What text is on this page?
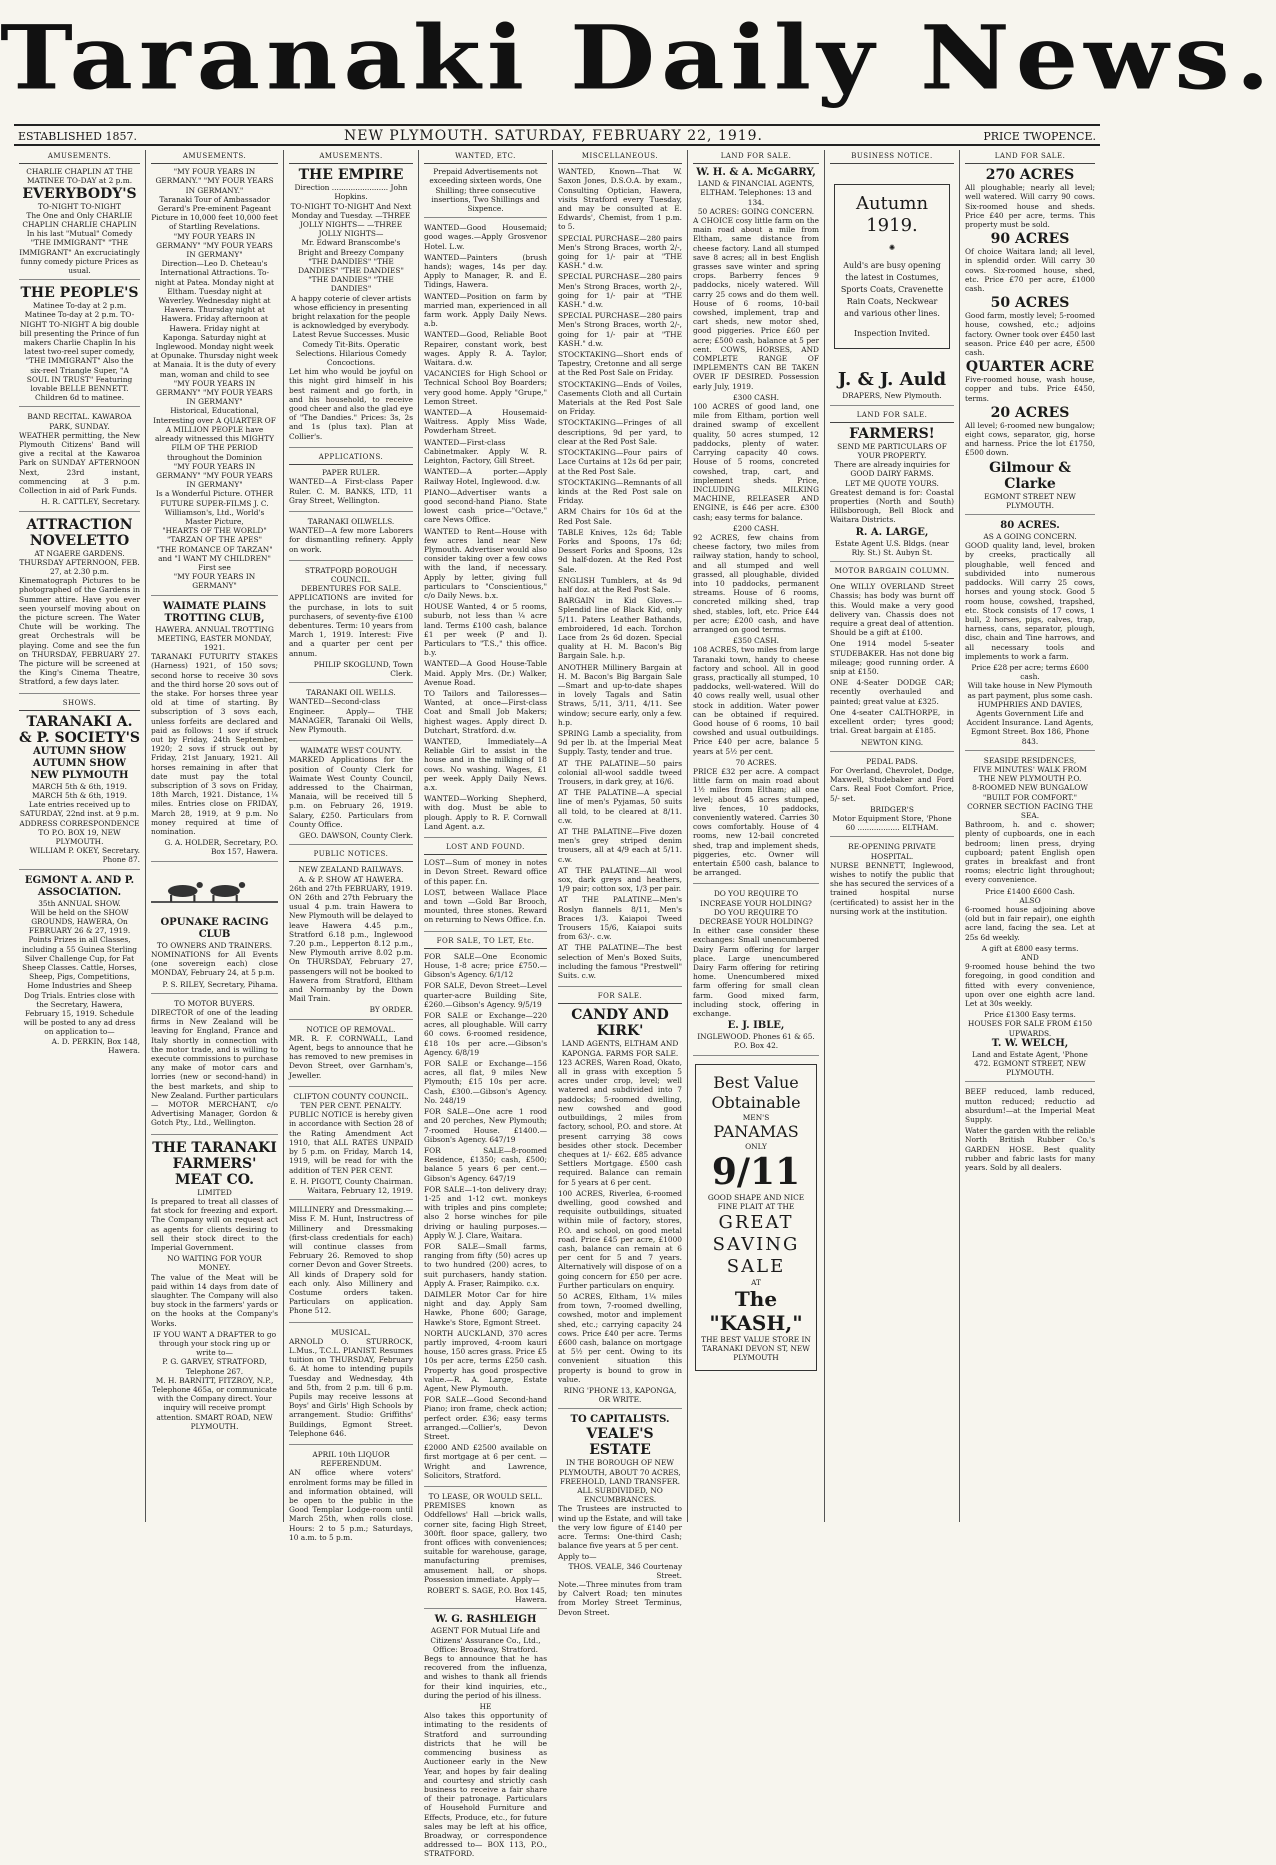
Taranaki Daily News.
ESTABLISHED 1857.	NEW PLYMOUTH. SATURDAY, FEBRUARY 22, 1919.	PRICE TWOPENCE.
AMUSEMENTS.
CHARLIE CHAPLIN AT THE MATINEE TO-DAY at 2 p.m.
EVERYBODY'S
TO-NIGHT TO-NIGHT
The One and Only CHARLIE CHAPLIN CHARLIE CHAPLIN In his last "Mutual" Comedy "THE IMMIGRANT" "THE IMMIGRANT" An excruciatingly funny comedy picture Prices as usual.
THE PEOPLE'S
Matinee To-day at 2 p.m. Matinee To-day at 2 p.m. TO-NIGHT TO-NIGHT A big double bill presenting the Prince of fun makers Charlie Chaplin In his latest two-reel super comedy, "THE IMMIGRANT" Also the six-reel Triangle Super, "A SOUL IN TRUST" Featuring lovable BELLE BENNETT. Children 6d to matinee.
BAND RECITAL. KAWAROA PARK, SUNDAY.

WEATHER permitting, the New Plymouth Citizens' Band will give a recital at the Kawaroa Park on SUNDAY AFTERNOON Next, 23rd instant, commencing at 3 p.m. Collection in aid of Park Funds.

H. R. CATTLEY, Secretary.
ATTRACTION NOVELETTO
AT NGAERE GARDENS. THURSDAY AFTERNOON, FEB. 27, at 2.30 p.m.

Kinematograph Pictures to be photographed of the Gardens in Summer attire. Have you ever seen yourself moving about on the picture screen. The Water Chute will be working. The great Orchestrals will be playing. Come and see the fun on THURSDAY, FEBRUARY 27. The picture will be screened at the King's Cinema Theatre, Stratford, a few days later.

SHOWS.
TARANAKI A. & P. SOCIETY'S
AUTUMN SHOW AUTUMN SHOW
NEW PLYMOUTH
MARCH 5th & 6th, 1919. MARCH 5th & 6th, 1919.
Late entries received up to SATURDAY, 22nd inst. at 9 p.m.
ADDRESS CORRESPONDENCE TO P.O. BOX 19, NEW PLYMOUTH.
WILLIAM P. OKEY, Secretary. Phone 87.
EGMONT A. AND P. ASSOCIATION.
35th ANNUAL SHOW.
Will be held on the SHOW GROUNDS, HAWERA, On FEBRUARY 26 & 27, 1919. Points Prizes in all Classes, including a 55 Guinea Sterling Silver Challenge Cup, for Fat Sheep Classes. Cattle, Horses, Sheep, Pigs, Competitions, Home Industries and Sheep Dog Trials. Entries close with the Secretary, Hawera, February 15, 1919. Schedule will be posted to any ad dress on application to—
A. D. PERKIN, Box 148, Hawera.
AMUSEMENTS.
"MY FOUR YEARS IN GERMANY." "MY FOUR YEARS IN GERMANY."
Taranaki Tour of Ambassador Gerard's Pre-eminent Pageant Picture in 10,000 feet 10,000 feet of Startling Revelations.
"MY FOUR YEARS IN GERMANY" "MY FOUR YEARS IN GERMANY"
Direction—Leo D. Cheteau's International Attractions. To-night at Patea. Monday night at Eltham. Tuesday night at Waverley. Wednesday night at Hawera. Thursday night at Hawera. Friday afternoon at Hawera. Friday night at Kaponga. Saturday night at Inglewood. Monday night week at Opunake. Thursday night week at Manaia. It is the duty of every man, woman and child to see
"MY FOUR YEARS IN GERMANY" "MY FOUR YEARS IN GERMANY"
Historical, Educational, Interesting over A QUARTER OF A MILLION PEOPLE have already witnessed this MIGHTY FILM OF THE PERIOD throughout the Dominion
"MY FOUR YEARS IN GERMANY" "MY FOUR YEARS IN GERMANY"
Is a Wonderful Picture. OTHER FUTURE SUPER-FILMS J. C. Williamson's, Ltd., World's Master Picture,
"HEARTS OF THE WORLD"
"TARZAN OF THE APES"
"THE ROMANCE OF TARZAN"
and "I WANT MY CHILDREN" First see
"MY FOUR YEARS IN GERMANY"
WAIMATE PLAINS TROTTING CLUB,
HAWERA. ANNUAL TROTTING MEETING, EASTER MONDAY, 1921.

TARANAKI FUTURITY STAKES (Harness) 1921, of 150 sovs; second horse to receive 30 sovs and the third horse 20 sovs out of the stake. For horses three year old at time of starting. By subscription of 3 sovs each, unless forfeits are declared and paid as follows: 1 sov if struck out by Friday, 24th September, 1920; 2 sovs if struck out by Friday, 21st January, 1921. All horses remaining in after that date must pay the total subscription of 3 sovs on Friday, 18th March, 1921. Distance, 1¼ miles. Entries close on FRIDAY, March 28, 1919, at 9 p.m. No money required at time of nomination.

G. A. HOLDER, Secretary, P.O. Box 157, Hawera.
OPUNAKE RACING CLUB
TO OWNERS AND TRAINERS.

NOMINATIONS for All Events (one sovereign each) close MONDAY, February 24, at 5 p.m.

P. S. RILEY, Secretary, Pihama.
TO MOTOR BUYERS.

DIRECTOR of one of the leading firms in New Zealand will be leaving for England, France and Italy shortly in connection with the motor trade, and is willing to execute commissions to purchase any make of motor cars and lorries (new or second-hand) in the best markets, and ship to New Zealand. Further particulars— MOTOR MERCHANT, c/o Advertising Manager, Gordon & Gotch Pty., Ltd., Wellington.

THE TARANAKI FARMERS' MEAT CO.
LIMITED

Is prepared to treat all classes of fat stock for freezing and export. The Company will on request act as agents for clients desiring to sell their stock direct to the Imperial Government.

NO WAITING FOR YOUR MONEY.

The value of the Meat will be paid within 14 days from date of slaughter. The Company will also buy stock in the farmers' yards or on the hooks at the Company's Works.

IF YOU WANT A DRAFTER to go through your stock ring up or write to—
P. G. GARVEY, STRATFORD, Telephone 267.
M. H. BARNITT, FITZROY, N.P., Telephone 465a, or communicate with the Company direct. Your inquiry will receive prompt attention. SMART ROAD, NEW PLYMOUTH.
AMUSEMENTS.
THE EMPIRE
Direction ........................ John Hopkins.
TO-NIGHT TO-NIGHT And Next Monday and Tuesday. —THREE JOLLY NIGHTS— —THREE JOLLY NIGHTS—
Mr. Edward Branscombe's Bright and Breezy Company
"THE DANDIES" "THE DANDIES" "THE DANDIES" "THE DANDIES" "THE DANDIES"
A happy coterie of clever artists whose efficiency in presenting bright relaxation for the people is acknowledged by everybody.
Latest Revue Successes. Music Comedy Tit-Bits. Operatic Selections. Hilarious Comedy Concoctions.

Let him who would be joyful on this night gird himself in his best raiment and go forth, in and his household, to receive good cheer and also the glad eye of "The Dandies." Prices: 3s, 2s and 1s (plus tax). Plan at Collier's.

APPLICATIONS.
PAPER RULER.

WANTED—A First-class Paper Ruler. C. M. BANKS, LTD, 11 Gray Street, Wellington.

TARANAKI OILWELLS.

WANTED—A few more Laborers for dismantling refinery. Apply on work.

STRATFORD BOROUGH COUNCIL.
DEBENTURES FOR SALE.

APPLICATIONS are invited for the purchase, in lots to suit purchasers, of seventy-five £100 debentures. Term: 10 years from March 1, 1919. Interest: Five and a quarter per cent per annum.

PHILIP SKOGLUND, Town Clerk.
TARANAKI OIL WELLS.

WANTED—Second-class Engineer. Apply— THE MANAGER, Taranaki Oil Wells, New Plymouth.

WAIMATE WEST COUNTY.

MARKED Applications for the position of County Clerk for Waimate West County Council, addressed to the Chairman, Manaia, will be received till 5 p.m. on February 26, 1919. Salary, £250. Particulars from County Office.

GEO. DAWSON, County Clerk.
PUBLIC NOTICES.
NEW ZEALAND RAILWAYS.
A. & P. SHOW AT HAWERA. 26th and 27th FEBRUARY, 1919.

ON 26th and 27th February the usual 4 p.m. train Hawera to New Plymouth will be delayed to leave Hawera 4.45 p.m., Stratford 6.18 p.m., Inglewood 7.20 p.m., Lepperton 8.12 p.m., New Plymouth arrive 8.02 p.m. On THURSDAY, February 27, passengers will not be booked to Hawera from Stratford, Eltham and Normanby by the Down Mail Train.

BY ORDER.
NOTICE OF REMOVAL.

MR. R. F. CORNWALL, Land Agent, begs to announce that he has removed to new premises in Devon Street, over Garnham's, Jeweller.

CLIFTON COUNTY COUNCIL.
TEN PER CENT. PENALTY.

PUBLIC NOTICE is hereby given in accordance with Section 28 of the Rating Amendment Act 1910, that ALL RATES UNPAID by 5 p.m. on Friday, March 14, 1919, will be read for with the addition of TEN PER CENT.

E. H. PIGOTT, County Chairman. Waitara, February 12, 1919.

MILLINERY and Dressmaking.—Miss F. M. Hunt, Instructress of Millinery and Dressmaking (first-class credentials for each) will continue classes from February 26. Removed to shop corner Devon and Gover Streets. All kinds of Drapery sold for each only. Also Millinery and Costume orders taken. Particulars on application. Phone 512.

MUSICAL.

ARNOLD O. STURROCK, L.Mus., T.C.L. PIANIST. Resumes tuition on THURSDAY, February 6. At home to intending pupils Tuesday and Wednesday, 4th and 5th, from 2 p.m. till 6 p.m. Pupils may receive lessons at Boys' and Girls' High Schools by arrangement. Studio: Griffiths' Buildings, Egmont Street. Telephone 646.

APRIL 10th LIQUOR REFERENDUM.

AN office where voters' enrolment forms may be filled in and information obtained, will be open to the public in the Good Templar Lodge-room until March 25th, when rolls close. Hours: 2 to 5 p.m.; Saturdays, 10 a.m. to 5 p.m.

WANTED, ETC.
Prepaid Advertisements not exceeding sixteen words, One Shilling; three consecutive insertions, Two Shillings and Sixpence.

WANTED—Good Housemaid; good wages.—Apply Grosvenor Hotel. L.w.

WANTED—Painters (brush hands); wages, 14s per day. Apply to Manager, R. and E. Tidings, Hawera.

WANTED—Position on farm by married man, experienced in all farm work. Apply Daily News. a.b.

WANTED—Good, Reliable Boot Repairer, constant work, best wages. Apply R. A. Taylor, Waitara. d.w.

VACANCIES for High School or Technical School Boy Boarders; very good home. Apply "Grupe," Lemon Street.

WANTED—A Housemaid-Waitress. Apply Miss Wade, Powderham Street.

WANTED—First-class Cabinetmaker. Apply W. R. Leighton, Factory, Gill Street.

WANTED—A porter.—Apply Railway Hotel, Inglewood. d.w.

PIANO—Advertiser wants a good second-hand Piano. State lowest cash price—"Octave," care News Office.

WANTED to Rent—House with few acres land near New Plymouth. Advertiser would also consider taking over a few cows with the land, if necessary. Apply by letter, giving full particulars to "Conscientious," c/o Daily News. b.x.

HOUSE Wanted, 4 or 5 rooms, suburb, not less than ¼ acre land. Terms £100 cash, balance £1 per week (P and I). Particulars to "T.S.," this office. b.y.

WANTED—A Good House-Table Maid. Apply Mrs. (Dr.) Walker, Avenue Road.

TO Tailors and Tailoresses—Wanted, at once—First-class Coat and Small Job Makers; highest wages. Apply direct D. Dutchart, Stratford. d.w.

WANTED, Immediately—A Reliable Girl to assist in the house and in the milking of 18 cows. No washing. Wages, £1 per week. Apply Daily News. a.x.

WANTED—Working Shepherd, with dog. Must be able to plough. Apply to R. F. Cornwall Land Agent. a.z.

LOST AND FOUND.

LOST—Sum of money in notes in Devon Street. Reward office of this paper. f.n.

LOST, between Wallace Place and town —Gold Bar Brooch, mounted, three stones. Reward on returning to News Office. f.n.

FOR SALE, TO LET, Etc.

FOR SALE—One Economic House, 1-8 acre; price £750.—Gibson's Agency. 6/1/12

FOR SALE, Devon Street—Level quarter-acre Building Site, £260.—Gibson's Agency. 9/5/19

FOR SALE or Exchange—220 acres, all ploughable. Will carry 60 cows. 6-roomed residence, £18 10s per acre.—Gibson's Agency. 6/8/19

FOR SALE or Exchange—156 acres, all flat, 9 miles New Plymouth; £15 10s per acre. Cash, £300.—Gibson's Agency. No. 248/19

FOR SALE—One acre 1 rood and 20 perches, New Plymouth; 7-roomed House. £1400.—Gibson's Agency. 647/19

FOR SALE—8-roomed Residence, £1350; cash, £500; balance 5 years 6 per cent.—Gibson's Agency. 647/19

FOR SALE—1-ton delivery dray; 1-25 and 1-12 cwt. monkeys with triples and pins complete; also 2 horse winches for pile driving or hauling purposes.—Apply W. J. Clare, Waitara.

FOR SALE—Small farms, ranging from fifty (50) acres up to two hundred (200) acres, to suit purchasers, handy station. Apply A. Fraser, Raimpiko. c.x.

DAIMLER Motor Car for hire night and day. Apply Sam Hawke, Phone 600; Garage, Hawke's Store, Egmont Street.

NORTH AUCKLAND, 370 acres partly improved, 4-room kauri house, 150 acres grass. Price £5 10s per acre, terms £250 cash. Property has good prospective value.—R. A. Large, Estate Agent, New Plymouth.

FOR SALE—Good Second-hand Piano; iron frame, check action; perfect order. £36; easy terms arranged.—Collier's, Devon Street.

£2000 AND £2500 available on first mortgage at 6 per cent. —Wright and Lawrence, Solicitors, Stratford.

TO LEASE, OR WOULD SELL.

PREMISES known as Oddfellows' Hall —brick walls, corner site, facing High Street, 300ft. floor space, gallery, two front offices with conveniences; suitable for warehouse, garage, manufacturing premises, amusement hall, or shops. Possession immediate. Apply—

ROBERT S. SAGE, P.O. Box 145, Hawera.
W. G. RASHLEIGH
AGENT FOR Mutual Life and Citizens' Assurance Co., Ltd., Office: Broadway, Stratford.

Begs to announce that he has recovered from the influenza, and wishes to thank all friends for their kind inquiries, etc., during the period of his illness.

HE

Also takes this opportunity of intimating to the residents of Stratford and surrounding districts that he will be commencing business as Auctioneer early in the New Year, and hopes by fair dealing and courtesy and strictly cash business to receive a fair share of their patronage. Particulars of Household Furniture and Effects, Produce, etc., for future sales may be left at his office, Broadway, or correspondence addressed to— BOX 113, P.O., STRATFORD.

MISCELLANEOUS.

WANTED, Known—That W. Saxon Jones, D.S.O.A. by exam., Consulting Optician, Hawera, visits Stratford every Tuesday, and may be consulted at E. Edwards', Chemist, from 1 p.m. to 5.

SPECIAL PURCHASE—280 pairs Men's Strong Braces, worth 2/-, going for 1/- pair at "THE KASH." d.w.

SPECIAL PURCHASE—280 pairs Men's Strong Braces, worth 2/-, going for 1/- pair at "THE KASH." d.w.

SPECIAL PURCHASE—280 pairs Men's Strong Braces, worth 2/-, going for 1/- pair at "THE KASH." d.w.

STOCKTAKING—Short ends of Tapestry, Cretonne and all serge at the Red Post Sale on Friday.

STOCKTAKING—Ends of Voiles, Casements Cloth and all Curtain Materials at the Red Post Sale on Friday.

STOCKTAKING—Fringes of all descriptions, 9d per yard, to clear at the Red Post Sale.

STOCKTAKING—Four pairs of Lace Curtains at 12s 6d per pair, at the Red Post Sale.

STOCKTAKING—Remnants of all kinds at the Red Post sale on Friday.

ARM Chairs for 10s 6d at the Red Post Sale.

TABLE Knives, 12s 6d; Table Forks and Spoons, 17s 6d; Dessert Forks and Spoons, 12s 9d half-dozen. At the Red Post Sale.

ENGLISH Tumblers, at 4s 9d half doz. at the Red Post Sale.

BARGAIN in Kid Gloves.—Splendid line of Black Kid, only 5/11. Paters Leather Bathands, embroidered, 1d each. Torchon Lace from 2s 6d dozen. Special quality at H. M. Bacon's Big Bargain Sale. h.p.

ANOTHER Millinery Bargain at H. M. Bacon's Big Bargain Sale—Smart and up-to-date shapes in lovely Tagals and Satin Straws, 5/11, 3/11, 4/11. See window; secure early, only a few. h.p.

SPRING Lamb a speciality, from 9d per lb. at the Imperial Meat Supply. Tasty, tender and true.

AT THE PALATINE—50 pairs colonial all-wool saddle tweed Trousers, in dark grey, at 16/6.

AT THE PALATINE—A special line of men's Pyjamas, 50 suits all told, to be cleared at 8/11. c.w.

AT THE PALATINE—Five dozen men's grey striped denim trousers, all at 4/9 each at 5/11. c.w.

AT THE PALATINE—All wool sox, dark greys and heathers, 1/9 pair; cotton sox, 1/3 per pair.

AT THE PALATINE—Men's Roslyn flannels 8/11, Men's Braces 1/3. Kaiapoi Tweed Trousers 15/6, Kaiapoi suits from 63/-. c.w.

AT THE PALATINE—The best selection of Men's Boxed Suits, including the famous "Prestwell" Suits. c.w.

FOR SALE.
CANDY AND KIRK'
LAND AGENTS, ELTHAM AND KAPONGA. FARMS FOR SALE.

123 ACRES, Waren Road, Okato, all in grass with exception 5 acres under crop, level; well watered and subdivided into 7 paddocks; 5-roomed dwelling, new cowshed and good outbuildings, 2 miles from factory, school, P.O. and store. At present carrying 38 cows besides other stock. December cheques at 1/- £62. £85 advance Settlers Mortgage. £500 cash required. Balance can remain for 5 years at 6 per cent.

100 ACRES, Riverlea, 6-roomed dwelling, good cowshed and requisite outbuildings, situated within mile of factory, stores, P.O. and school, on good metal road. Price £45 per acre, £1000 cash, balance can remain at 6 per cent for 5 and 7 years. Alternatively will dispose of on a going concern for £50 per acre. Further particulars on enquiry.

50 ACRES, Eltham, 1¼ miles from town, 7-roomed dwelling, cowshed, motor and implement shed, etc.; carrying capacity 24 cows. Price £40 per acre. Terms £600 cash, balance on mortgage at 5½ per cent. Owing to its convenient situation this property is bound to grow in value.

RING 'PHONE 13, KAPONGA, OR WRITE.
TO CAPITALISTS.
VEALE'S ESTATE
IN THE BOROUGH OF NEW PLYMOUTH, ABOUT 70 ACRES, FREEHOLD, LAND TRANSFER. ALL SUBDIVIDED, NO ENCUMBRANCES.

The Trustees are instructed to wind up the Estate, and will take the very low figure of £140 per acre. Terms: One-third Cash; balance five years at 5 per cent.

Apply to—
THOS. VEALE, 346 Courtenay Street.

Note.—Three minutes from tram by Calvert Road; ten minutes from Morley Street Terminus, Devon Street.

LAND FOR SALE.
W. H. & A. McGARRY,
LAND & FINANCIAL AGENTS, ELTHAM. Telephones: 13 and 134.
50 ACRES: GOING CONCERN.

A CHOICE cosy little farm on the main road about a mile from Eltham, same distance from cheese factory. Land all stumped save 8 acres; all in best English grasses save winter and spring crops. Barberry fences 9 paddocks, nicely watered. Will carry 25 cows and do them well. House of 6 rooms, 10-bail cowshed, implement, trap and cart sheds, new motor shed, good piggeries. Price £60 per acre; £500 cash, balance at 5 per cent. COWS, HORSES, AND COMPLETE RANGE OF IMPLEMENTS CAN BE TAKEN OVER IF DESIRED. Possession early July, 1919.

£300 CASH.

100 ACRES of good land, one mile from Eltham, portion well drained swamp of excellent quality, 50 acres stumped, 12 paddocks, plenty of water. Carrying capacity 40 cows. House of 5 rooms, concreted cowshed, trap, cart, and implement sheds. Price, INCLUDING MILKING MACHINE, RELEASER AND ENGINE, is £46 per acre. £300 cash; easy terms for balance.

£200 CASH.

92 ACRES, few chains from cheese factory, two miles from railway station, handy to school, and all stumped and well grassed, all ploughable, divided into 10 paddocks, permanent streams. House of 6 rooms, concreted milking shed, trap shed, stables, loft, etc. Price £44 per acre; £200 cash, and have arranged on good terms.

£350 CASH.

108 ACRES, two miles from large Taranaki town, handy to cheese factory and school. All in good grass, practically all stumped, 10 paddocks, well-watered. Will do 40 cows really well, usual other stock in addition. Water power can be obtained if required. Good house of 6 rooms, 10 bail cowshed and usual outbuildings. Price £40 per acre, balance 5 years at 5½ per cent.

70 ACRES.

PRICE £32 per acre. A compact little farm on main road about 1½ miles from Eltham; all one level; about 45 acres stumped, live fences, 10 paddocks, conveniently watered. Carries 30 cows comfortably. House of 4 rooms, new 12-bail concreted shed, trap and implement sheds, piggeries, etc. Owner will entertain £500 cash, balance to be arranged.

DO YOU REQUIRE TO INCREASE YOUR HOLDING? DO YOU REQUIRE TO DECREASE YOUR HOLDING?

In either case consider these exchanges: Small unencumbered Dairy Farm offering for larger place. Large unencumbered Dairy Farm offering for retiring home. Unencumbered mixed farm offering for small clean farm. Good mixed farm, including stock, offering in exchange.

E. J. IBLE,
INGLEWOOD. Phones 61 & 65. P.O. Box 42.
Best Value Obtainable
MEN'S
PANAMAS
ONLY
9/11
GOOD SHAPE AND NICE FINE PLAIT AT THE
GREAT
SAVING
SALE
AT
The "KASH,"
THE BEST VALUE STORE IN TARANAKI DEVON ST, NEW PLYMOUTH
BUSINESS NOTICE.
Autumn 1919.
✺
Auld's are busy opening the latest in Costumes, Sports Coats, Cravenette Rain Coats, Neckwear and various other lines.
Inspection Invited.
J. & J. Auld
DRAPERS, New Plymouth.
LAND FOR SALE.
FARMERS!
SEND ME PARTICULARS OF YOUR PROPERTY.
There are already inquiries for GOOD DAIRY FARMS.
LET ME QUOTE YOURS.

Greatest demand is for: Coastal properties (North and South) Hillsborough, Bell Block and Waitara Districts.

R. A. LARGE,
Estate Agent U.S. Bldgs. (near Rly. St.) St. Aubyn St.
MOTOR BARGAIN COLUMN.

One WILLY OVERLAND Street Chassis; has body was burnt off this. Would make a very good delivery van. Chassis does not require a great deal of attention. Should be a gift at £100.

One 1914 model 5-seater STUDEBAKER. Has not done big mileage; good running order. A snip at £150.

ONE 4-Seater DODGE CAR; recently overhauled and painted; great value at £325.

One 4-seater CALTHORPE, in excellent order; tyres good; trial. Great bargain at £185.

NEWTON KING.
PEDAL PADS.

For Overland, Chevrolet, Dodge, Maxwell, Studebaker and Ford Cars. Real Foot Comfort. Price, 5/- set.

BRIDGER'S
Motor Equipment Store, 'Phone 60 .................. ELTHAM.
RE-OPENING PRIVATE HOSPITAL.

NURSE BENNETT, Inglewood, wishes to notify the public that she has secured the services of a trained hospital nurse (certificated) to assist her in the nursing work at the institution.

LAND FOR SALE.
270 ACRES

All ploughable; nearly all level; well watered. Will carry 90 cows. Six-roomed house and sheds. Price £40 per acre, terms. This property must be sold.

90 ACRES

Of choice Waitara land; all level, in splendid order. Will carry 30 cows. Six-roomed house, shed, etc. Price £70 per acre, £1000 cash.

50 ACRES

Good farm, mostly level; 5-roomed house, cowshed, etc.; adjoins factory. Owner took over £450 last season. Price £40 per acre, £500 cash.

QUARTER ACRE

Five-roomed house, wash house, copper and tubs. Price £450, terms.

20 ACRES

All level; 6-roomed new bungalow; eight cows, separator, gig, horse and harness. Price the lot £1750, £500 down.

Gilmour & Clarke
EGMONT STREET NEW PLYMOUTH.
80 ACRES.
AS A GOING CONCERN.

GOOD quality land, level, broken by creeks, practically all ploughable, well fenced and subdivided into numerous paddocks. Will carry 25 cows, horses and young stock. Good 5 room house, cowshed, trapshed, etc. Stock consists of 17 cows, 1 bull, 2 horses, pigs, calves, trap, harness, cans, separator, plough, disc, chain and Tine harrows, and all necessary tools and implements to work a farm.

Price £28 per acre; terms £600 cash.
Will take house in New Plymouth as part payment, plus some cash.
HUMPHRIES AND DAVIES,
Agents Government Life and Accident Insurance. Land Agents, Egmont Street. Box 186, Phone 843.
SEASIDE RESIDENCES,
FIVE MINUTES' WALK FROM THE NEW PLYMOUTH P.O.
8-ROOMED NEW BUNGALOW "BUILT FOR COMFORT."
CORNER SECTION FACING THE SEA.

Bathroom, h. and c. shower; plenty of cupboards, one in each bedroom; linen press, drying cupboard; patent English open grates in breakfast and front rooms; electric light throughout; every convenience.

Price £1400 £600 Cash.
ALSO

6-roomed house adjoining above (old but in fair repair), one eighth acre land, facing the sea. Let at 25s 6d weekly.

A gift at £800 easy terms.
AND

9-roomed house behind the two foregoing, in good condition and fitted with every convenience, upon over one eighth acre land. Let at 30s weekly.

Price £1300 Easy terms.
HOUSES FOR SALE FROM £150 UPWARDS.
T. W. WELCH,
Land and Estate Agent, 'Phone 472. EGMONT STREET, NEW PLYMOUTH.

BEEF reduced, lamb reduced, mutton reduced; reductio ad absurdum!—at the Imperial Meat Supply.

Water the garden with the reliable North British Rubber Co.'s GARDEN HOSE. Best quality rubber and fabric lasts for many years. Sold by all dealers.
